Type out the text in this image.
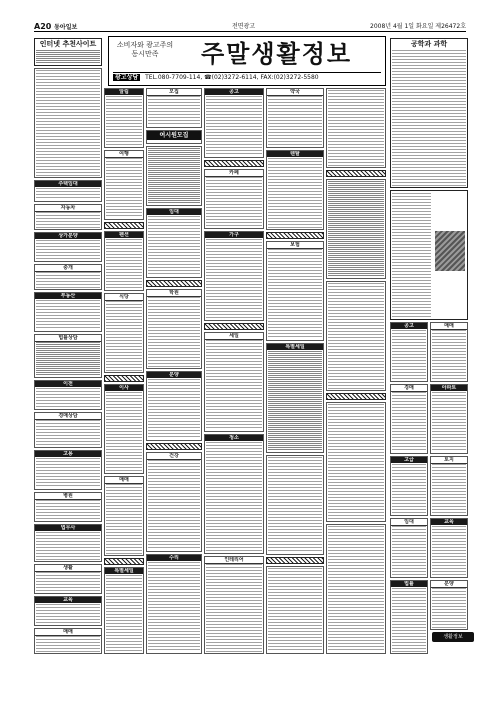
A20 동아일보	전면광고	2008년 4월 1일 화요일 제26472호
소비자와 광고주의
동시만족	주말생활정보
광고상담 TEL.080-7709-114, ☎(02)3272-6114, FAX:(02)3272-5580
인터넷 추천사이트
주택임대
자동차
상가분양
중개
부동산
법률상담
이전
경매상담
고용
병원
법무사
생활
교육
매매
알림
여행
펜션
식당
이사
매매
특별세일
모집
여시원모집
임대
학원
분양
건강
수리
공고
카페
가구
세일
청소
인테리어
약국
렌탈
보험
특별세일
공학과 과학
공고	매매
경매	아파트
고급	토지
임대	교육
법률	분양
생활정보
